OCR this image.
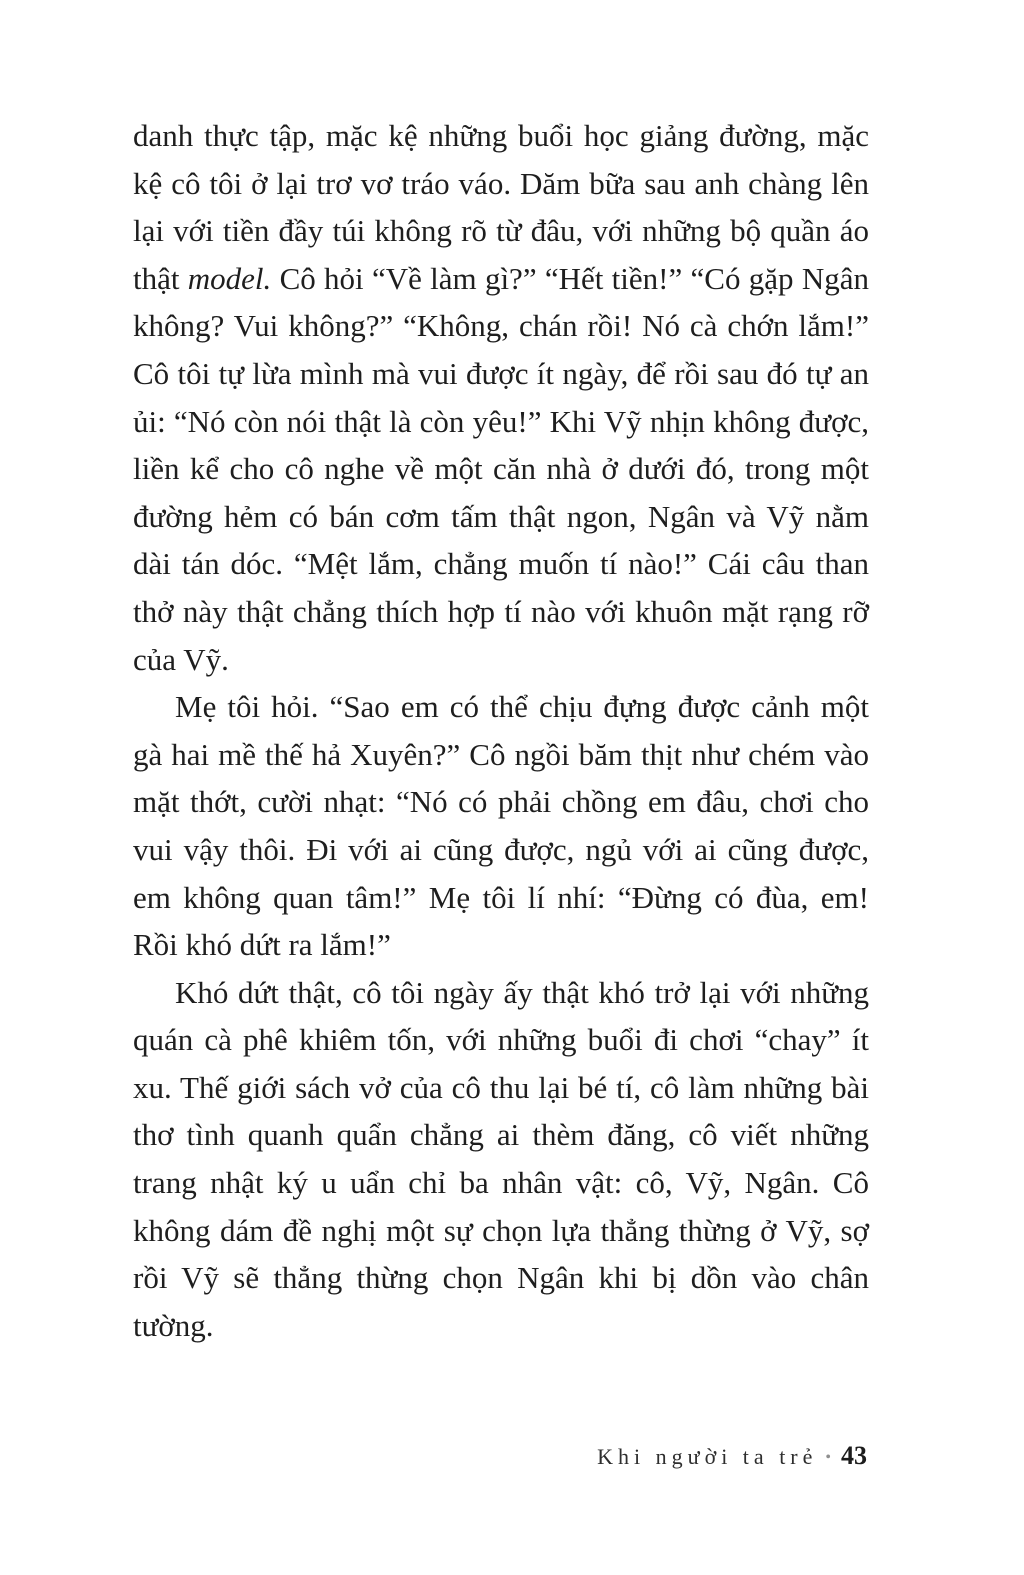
danh thực tập, mặc kệ những buổi học giảng đường, mặc kệ cô tôi ở lại trơ vơ tráo váo. Dăm bữa sau anh chàng lên lại với tiền đầy túi không rõ từ đâu, với những bộ quần áo thật model. Cô hỏi “Về làm gì?” “Hết tiền!” “Có gặp Ngân không? Vui không?” “Không, chán rồi! Nó cà chớn lắm!” Cô tôi tự lừa mình mà vui được ít ngày, để rồi sau đó tự an ủi: “Nó còn nói thật là còn yêu!” Khi Vỹ nhịn không được, liền kể cho cô nghe về một căn nhà ở dưới đó, trong một đường hẻm có bán cơm tấm thật ngon, Ngân và Vỹ nằm dài tán dóc. “Mệt lắm, chẳng muốn tí nào!” Cái câu than thở này thật chẳng thích hợp tí nào với khuôn mặt rạng rỡ của Vỹ.

Mẹ tôi hỏi. “Sao em có thể chịu đựng được cảnh một gà hai mề thế hả Xuyên?” Cô ngồi băm thịt như chém vào mặt thớt, cười nhạt: “Nó có phải chồng em đâu, chơi cho vui vậy thôi. Đi với ai cũng được, ngủ với ai cũng được, em không quan tâm!” Mẹ tôi lí nhí: “Đừng có đùa, em! Rồi khó dứt ra lắm!”

Khó dứt thật, cô tôi ngày ấy thật khó trở lại với những quán cà phê khiêm tốn, với những buổi đi chơi “chay” ít xu. Thế giới sách vở của cô thu lại bé tí, cô làm những bài thơ tình quanh quẩn chẳng ai thèm đăng, cô viết những trang nhật ký u uẩn chỉ ba nhân vật: cô, Vỹ, Ngân. Cô không dám đề nghị một sự chọn lựa thẳng thừng ở Vỹ, sợ rồi Vỹ sẽ thẳng thừng chọn Ngân khi bị dồn vào chân tường.

Khi người ta trẻ • 43
